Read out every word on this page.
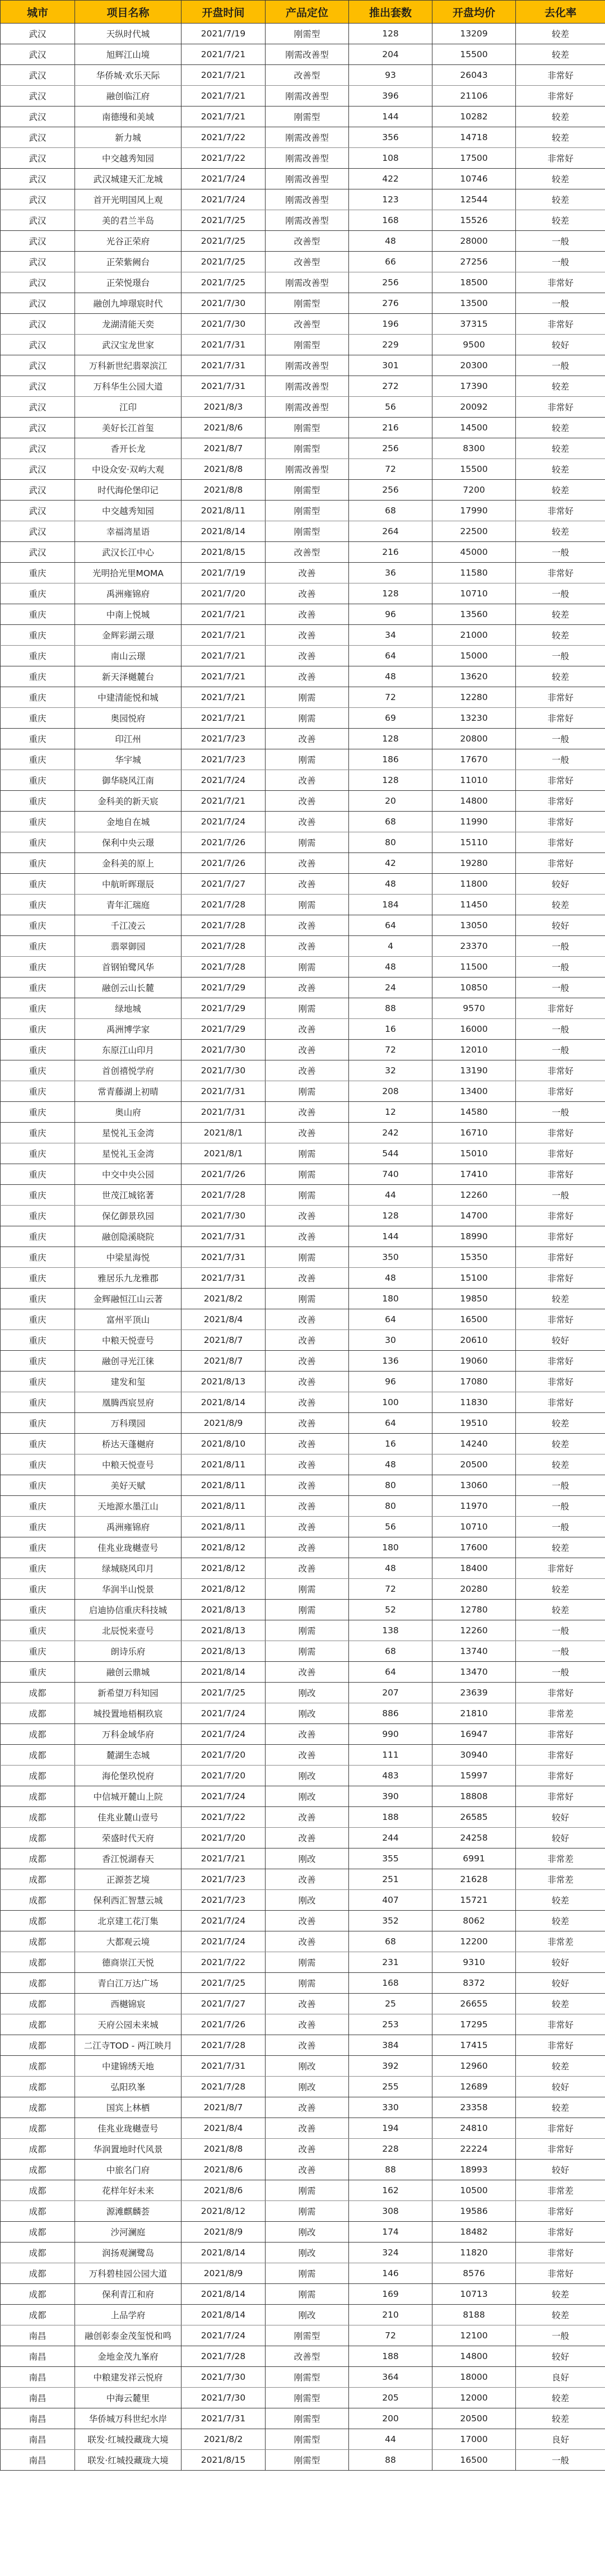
城市	项目名称	开盘时间	产品定位	推出套数	开盘均价	去化率
武汉	天纵时代城	2021/7/19	刚需型	128	13209	较差
武汉	旭辉江山境	2021/7/21	刚需改善型	204	15500	较差
武汉	华侨城·欢乐天际	2021/7/21	改善型	93	26043	非常好
武汉	融创临江府	2021/7/21	刚需改善型	396	21106	非常好
武汉	南德缦和美域	2021/7/21	刚需型	144	10282	较差
武汉	新力城	2021/7/22	刚需改善型	356	14718	较差
武汉	中交越秀知园	2021/7/22	刚需改善型	108	17500	非常好
武汉	武汉城建天汇龙城	2021/7/24	刚需改善型	422	10746	较差
武汉	首开光明国风上观	2021/7/24	刚需改善型	123	12544	较差
武汉	美的君兰半岛	2021/7/25	刚需改善型	168	15526	较差
武汉	光谷正荣府	2021/7/25	改善型	48	28000	一般
武汉	正荣紫阙台	2021/7/25	改善型	66	27256	一般
武汉	正荣悦璟台	2021/7/25	刚需改善型	256	18500	非常好
武汉	融创九坤璟宸时代	2021/7/30	刚需型	276	13500	一般
武汉	龙湖清能天奕	2021/7/30	改善型	196	37315	非常好
武汉	武汉宝龙世家	2021/7/31	刚需型	229	9500	较好
武汉	万科新世纪翡翠滨江	2021/7/31	刚需改善型	301	20300	一般
武汉	万科华生公园大道	2021/7/31	刚需改善型	272	17390	较差
武汉	江印	2021/8/3	刚需改善型	56	20092	非常好
武汉	美好长江首玺	2021/8/6	刚需型	216	14500	较差
武汉	香开长龙	2021/8/7	刚需型	256	8300	较差
武汉	中设众安·双屿大观	2021/8/8	刚需改善型	72	15500	较差
武汉	时代海伦堡印记	2021/8/8	刚需型	256	7200	较差
武汉	中交越秀知园	2021/8/11	刚需型	68	17990	非常好
武汉	幸福湾星语	2021/8/14	刚需型	264	22500	较差
武汉	武汉长江中心	2021/8/15	改善型	216	45000	一般
重庆	光明拾光里MOMA	2021/7/19	改善	36	11580	非常好
重庆	禹洲雍锦府	2021/7/20	改善	128	10710	一般
重庆	中南上悦城	2021/7/21	改善	96	13560	较差
重庆	金辉彩湖云璟	2021/7/21	改善	34	21000	较差
重庆	南山云璟	2021/7/21	改善	64	15000	一般
重庆	新天泽樾麓台	2021/7/21	改善	48	13620	较差
重庆	中建清能悦和城	2021/7/21	刚需	72	12280	非常好
重庆	奥园悦府	2021/7/21	刚需	69	13230	非常好
重庆	印江州	2021/7/23	改善	128	20800	一般
重庆	华宇城	2021/7/23	刚需	186	17670	一般
重庆	御华晓风江南	2021/7/24	改善	128	11010	非常好
重庆	金科美的新天宸	2021/7/21	改善	20	14800	非常好
重庆	金地自在城	2021/7/24	改善	68	11990	非常好
重庆	保利中央云璟	2021/7/26	刚需	80	15110	非常好
重庆	金科美的原上	2021/7/26	改善	42	19280	非常好
重庆	中航昕晖璟辰	2021/7/27	改善	48	11800	较好
重庆	青年汇瑞庭	2021/7/28	刚需	184	11450	较差
重庆	千江凌云	2021/7/28	改善	64	13050	较好
重庆	翡翠御园	2021/7/28	改善	4	23370	一般
重庆	首钢铂鹭风华	2021/7/28	刚需	48	11500	一般
重庆	融创云山长麓	2021/7/29	改善	24	10850	一般
重庆	绿地城	2021/7/29	刚需	88	9570	非常好
重庆	禹洲博学家	2021/7/29	改善	16	16000	一般
重庆	东原江山印月	2021/7/30	改善	72	12010	一般
重庆	首创禧悦学府	2021/7/30	改善	32	13190	非常好
重庆	常青藤湖上初晴	2021/7/31	刚需	208	13400	非常好
重庆	奥山府	2021/7/31	改善	12	14580	一般
重庆	星悦礼玉金湾	2021/8/1	改善	242	16710	非常好
重庆	星悦礼玉金湾	2021/8/1	刚需	544	15010	非常好
重庆	中交中央公园	2021/7/26	刚需	740	17410	非常好
重庆	世茂江城铭著	2021/7/28	刚需	44	12260	一般
重庆	保亿御景玖园	2021/7/30	改善	128	14700	非常好
重庆	融创隐溪晓院	2021/7/31	改善	144	18990	非常好
重庆	中梁星海悦	2021/7/31	刚需	350	15350	非常好
重庆	雅居乐九龙雅郡	2021/7/31	改善	48	15100	非常好
重庆	金辉融恒江山云著	2021/8/2	刚需	180	19850	较差
重庆	富州平顶山	2021/8/4	改善	64	16500	非常好
重庆	中粮天悦壹号	2021/8/7	改善	30	20610	较好
重庆	融创寻光江徕	2021/8/7	改善	136	19060	非常好
重庆	建发和玺	2021/8/13	改善	96	17080	非常好
重庆	凰腾西宸昱府	2021/8/14	改善	100	11830	非常好
重庆	万科璞园	2021/8/9	改善	64	19510	较差
重庆	桥达天蓬樾府	2021/8/10	改善	16	14240	较差
重庆	中粮天悦壹号	2021/8/11	改善	48	20500	较差
重庆	美好天赋	2021/8/11	改善	80	13060	一般
重庆	天地源水墨江山	2021/8/11	改善	80	11970	一般
重庆	禹洲雍锦府	2021/8/11	改善	56	10710	一般
重庆	佳兆业珑樾壹号	2021/8/12	改善	180	17600	较差
重庆	绿城晓风印月	2021/8/12	改善	48	18400	非常好
重庆	华润半山悦景	2021/8/12	刚需	72	20280	较差
重庆	启迪协信重庆科技城	2021/8/13	刚需	52	12780	较差
重庆	北辰悦来壹号	2021/8/13	刚需	138	12260	一般
重庆	朗诗乐府	2021/8/13	刚需	68	13740	一般
重庆	融创云鼎城	2021/8/14	改善	64	13470	一般
成都	新希望万科知园	2021/7/25	刚改	207	23639	非常好
成都	城投置地梧桐玖宸	2021/7/24	刚改	886	21810	非常差
成都	万科金域华府	2021/7/24	改善	990	16947	非常好
成都	麓湖生态城	2021/7/20	改善	111	30940	非常好
成都	海伦堡玖悦府	2021/7/20	刚改	483	15997	非常好
成都	中信城开麓山上院	2021/7/24	刚改	390	18808	非常好
成都	佳兆业麓山壹号	2021/7/22	改善	188	26585	较好
成都	荣盛时代天府	2021/7/20	改善	244	24258	较好
成都	香江悦湖春天	2021/7/21	刚改	355	6991	非常差
成都	正源荟艺境	2021/7/23	改善	251	21628	非常差
成都	保利西汇智慧云城	2021/7/23	刚改	407	15721	较差
成都	北京建工花汀集	2021/7/24	改善	352	8062	较差
成都	大都观云境	2021/7/24	改善	68	12200	非常差
成都	德商崇江天悦	2021/7/22	刚需	231	9310	较好
成都	青白江万达广场	2021/7/25	刚需	168	8372	较好
成都	西樾锦宸	2021/7/27	改善	25	26655	较差
成都	天府公园未来城	2021/7/26	改善	253	17295	非常好
成都	二江寺TOD - 两江映月	2021/7/28	改善	384	17415	非常好
成都	中建锦绣天地	2021/7/31	刚改	392	12960	较差
成都	弘阳玖峯	2021/7/28	刚改	255	12689	较好
成都	国宾上林栖	2021/8/7	改善	330	23358	较差
成都	佳兆业珑樾壹号	2021/8/4	改善	194	24810	非常好
成都	华润置地时代风景	2021/8/8	改善	228	22224	非常好
成都	中旅名门府	2021/8/6	改善	88	18993	较好
成都	花样年好未来	2021/8/6	刚需	162	10500	非常差
成都	源滩麒麟荟	2021/8/12	刚需	308	19586	非常好
成都	沙河澜庭	2021/8/9	刚改	174	18482	非常好
成都	润扬观澜鹭岛	2021/8/14	刚改	324	11820	非常好
成都	万科碧桂园公园大道	2021/8/9	刚需	146	8576	非常好
成都	保利青江和府	2021/8/14	刚需	169	10713	较差
成都	上品学府	2021/8/14	刚改	210	8188	较差
南昌	融创彰泰金茂玺悦和鸣	2021/7/24	刚需型	72	12100	一般
南昌	金地金茂九峯府	2021/7/28	改善型	188	14800	较好
南昌	中粮建发祥云悦府	2021/7/30	刚需型	364	18000	良好
南昌	中海云麓里	2021/7/30	刚需型	205	12000	较差
南昌	华侨城万科世纪水岸	2021/7/31	刚需型	200	20500	较差
南昌	联发·红城投藏珑大境	2021/8/2	刚需型	44	17000	良好
南昌	联发·红城投藏珑大境	2021/8/15	刚需型	88	16500	一般
